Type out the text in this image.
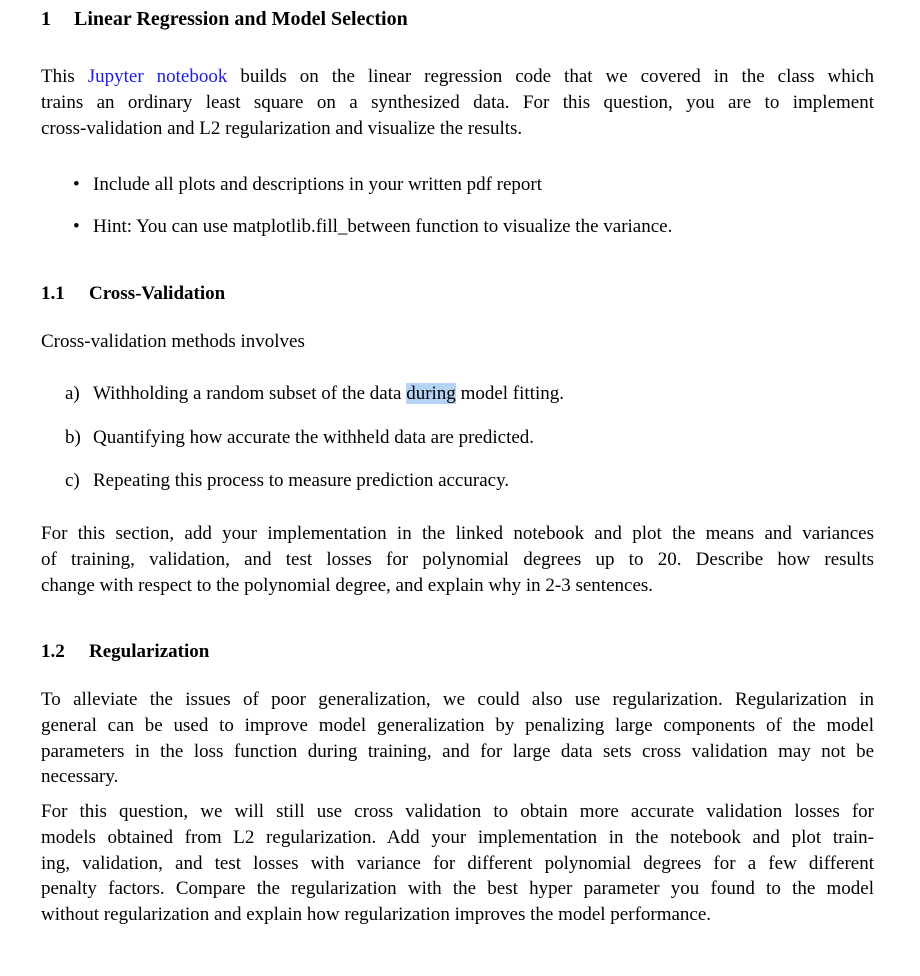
1 Linear Regression and Model Selection
This Jupyter notebook builds on the linear regression code that we covered in the class which
trains an ordinary least square on a synthesized data. For this question, you are to implement
cross-validation and L2 regularization and visualize the results.
• Include all plots and descriptions in your written pdf report
• Hint: You can use matplotlib.fill_between function to visualize the variance.
1.1 Cross-Validation
Cross-validation methods involves
a) Withholding a random subset of the data during model fitting.
b) Quantifying how accurate the withheld data are predicted.
c) Repeating this process to measure prediction accuracy.
For this section, add your implementation in the linked notebook and plot the means and variances
of training, validation, and test losses for polynomial degrees up to 20. Describe how results
change with respect to the polynomial degree, and explain why in 2-3 sentences.
1.2 Regularization
To alleviate the issues of poor generalization, we could also use regularization. Regularization in
general can be used to improve model generalization by penalizing large components of the model
parameters in the loss function during training, and for large data sets cross validation may not be
necessary.
For this question, we will still use cross validation to obtain more accurate validation losses for
models obtained from L2 regularization. Add your implementation in the notebook and plot train-
ing, validation, and test losses with variance for different polynomial degrees for a few different
penalty factors. Compare the regularization with the best hyper parameter you found to the model
without regularization and explain how regularization improves the model performance.
